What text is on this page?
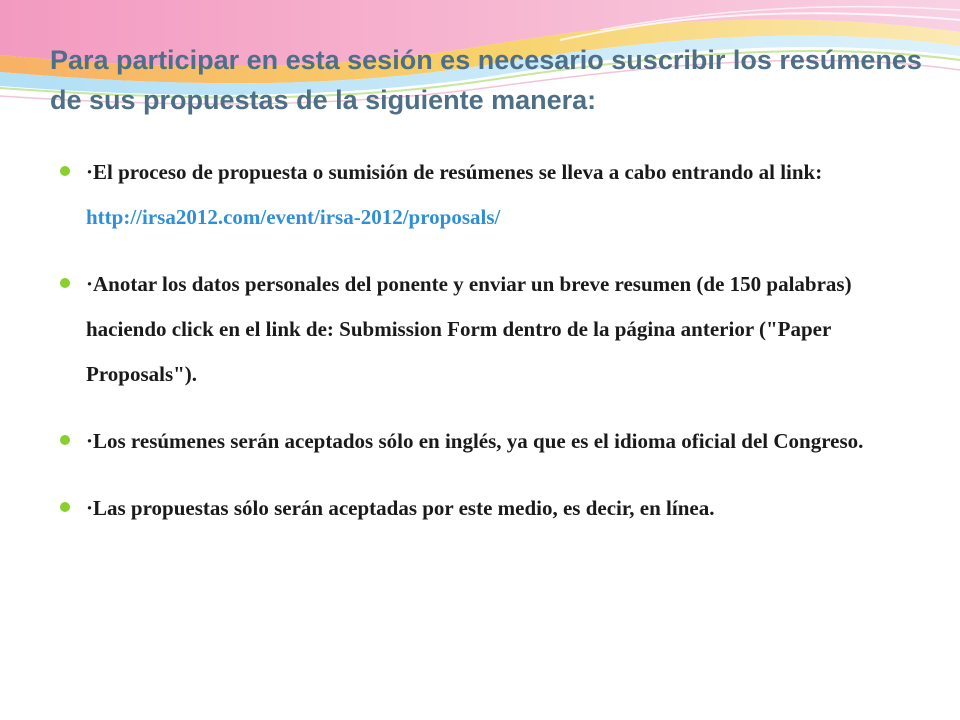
Para participar en esta sesión es necesario suscribir los resúmenes de sus propuestas de la siguiente manera:
·El proceso de propuesta o sumisión de resúmenes se lleva a cabo entrando al link: http://irsa2012.com/event/irsa-2012/proposals/
·Anotar los datos personales del ponente y enviar un breve resumen (de 150 palabras) haciendo click en el link de: Submission Form dentro de la página anterior ("Paper Proposals").
·Los resúmenes serán aceptados sólo en inglés, ya que es el idioma oficial del Congreso.
·Las propuestas sólo serán aceptadas por este medio, es decir, en línea.
